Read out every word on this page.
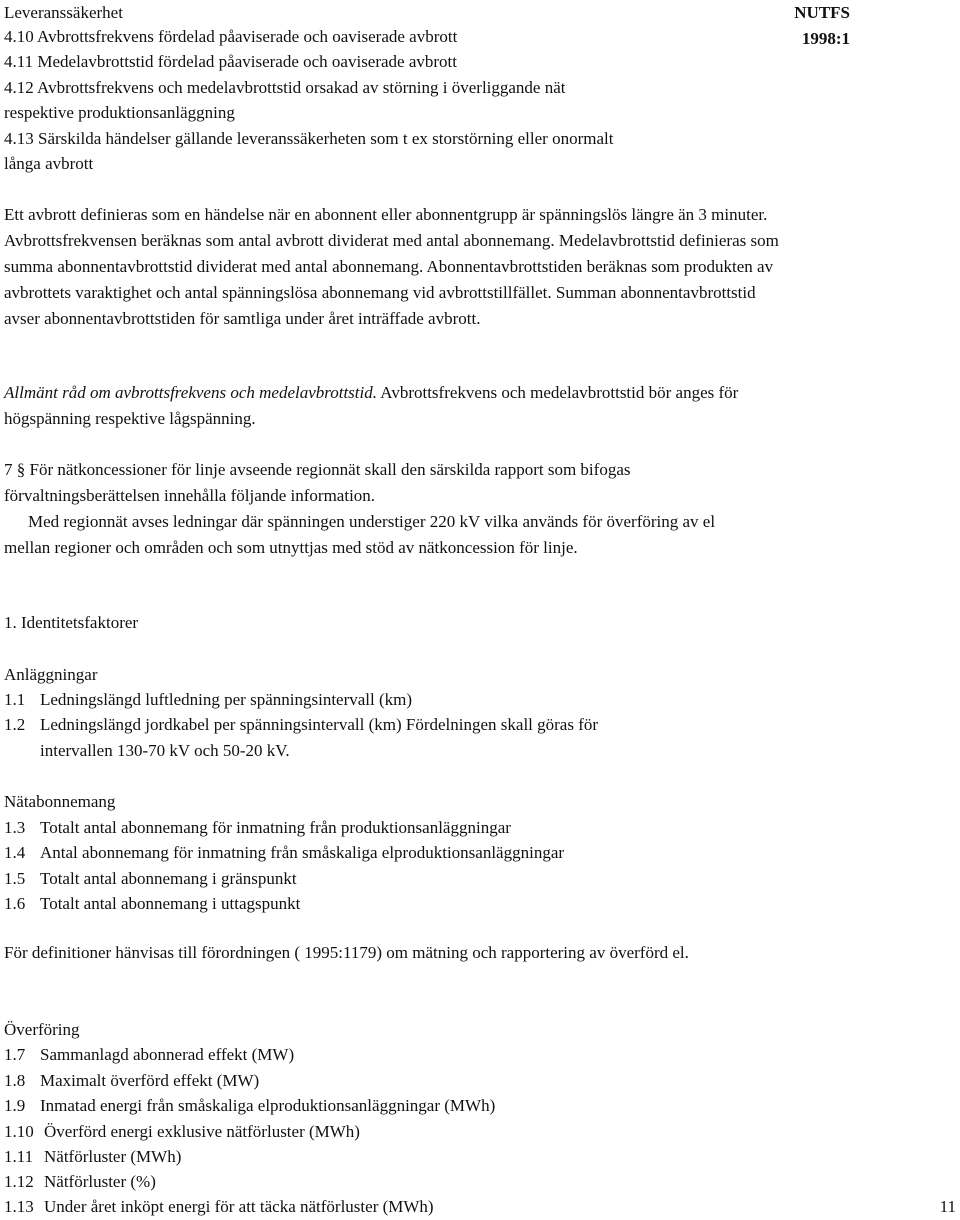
Leveranssäkerhet	NUTFS
1998:1
4.10 Avbrottsfrekvens fördelad påaviserade och oaviserade avbrott
4.11 Medelavbrottstid fördelad påaviserade och oaviserade avbrott
4.12 Avbrottsfrekvens och medelavbrottstid orsakad av störning i överliggande nät
respektive produktionsanläggning
4.13 Särskilda händelser gällande leveranssäkerheten som t ex storstörning eller onormalt
långa avbrott
Ett avbrott definieras som en händelse när en abonnent eller abonnentgrupp är spänningslös längre än 3 minuter. Avbrottsfrekvensen beräknas som antal avbrott dividerat med antal abonnemang. Medelavbrottstid definieras som summa abonnentavbrottstid dividerat med antal abonnemang. Abonnentavbrottstiden beräknas som produkten av avbrottets varaktighet och antal spänningslösa abonnemang vid avbrottstillfället. Summan abonnentavbrottstid avser abonnentavbrottstiden för samtliga under året inträffade avbrott.
Allmänt råd om avbrottsfrekvens och medelavbrottstid. Avbrottsfrekvens och medelavbrottstid bör anges för högspänning respektive lågspänning.
7 § För nätkoncessioner för linje avseende regionnät skall den särskilda rapport som bifogas förvaltningsberättelsen innehålla följande information.
Med regionnät avses ledningar där spänningen understiger 220 kV vilka används för överföring av el mellan regioner och områden och som utnyttjas med stöd av nätkoncession för linje.
1. Identitetsfaktorer
Anläggningar
1.1 Ledningslängd luftledning per spänningsintervall (km)
1.2 Ledningslängd jordkabel per spänningsintervall (km) Fördelningen skall göras för
intervallen 130-70 kV och 50-20 kV.
Nätabonnemang
1.3 Totalt antal abonnemang för inmatning från produktionsanläggningar
1.4 Antal abonnemang för inmatning från småskaliga elproduktionsanläggningar
1.5 Totalt antal abonnemang i gränspunkt
1.6 Totalt antal abonnemang i uttagspunkt
För definitioner hänvisas till förordningen ( 1995:1179) om mätning och rapportering av överförd el.
Överföring
1.7 Sammanlagd abonnerad effekt (MW)
1.8 Maximalt överförd effekt (MW)
1.9 Inmatad energi från småskaliga elproduktionsanläggningar (MWh)
1.10 Överförd energi exklusive nätförluster (MWh)
1.11 Nätförluster (MWh)
1.12 Nätförluster (%)
1.13 Under året inköpt energi för att täcka nätförluster (MWh)	11
